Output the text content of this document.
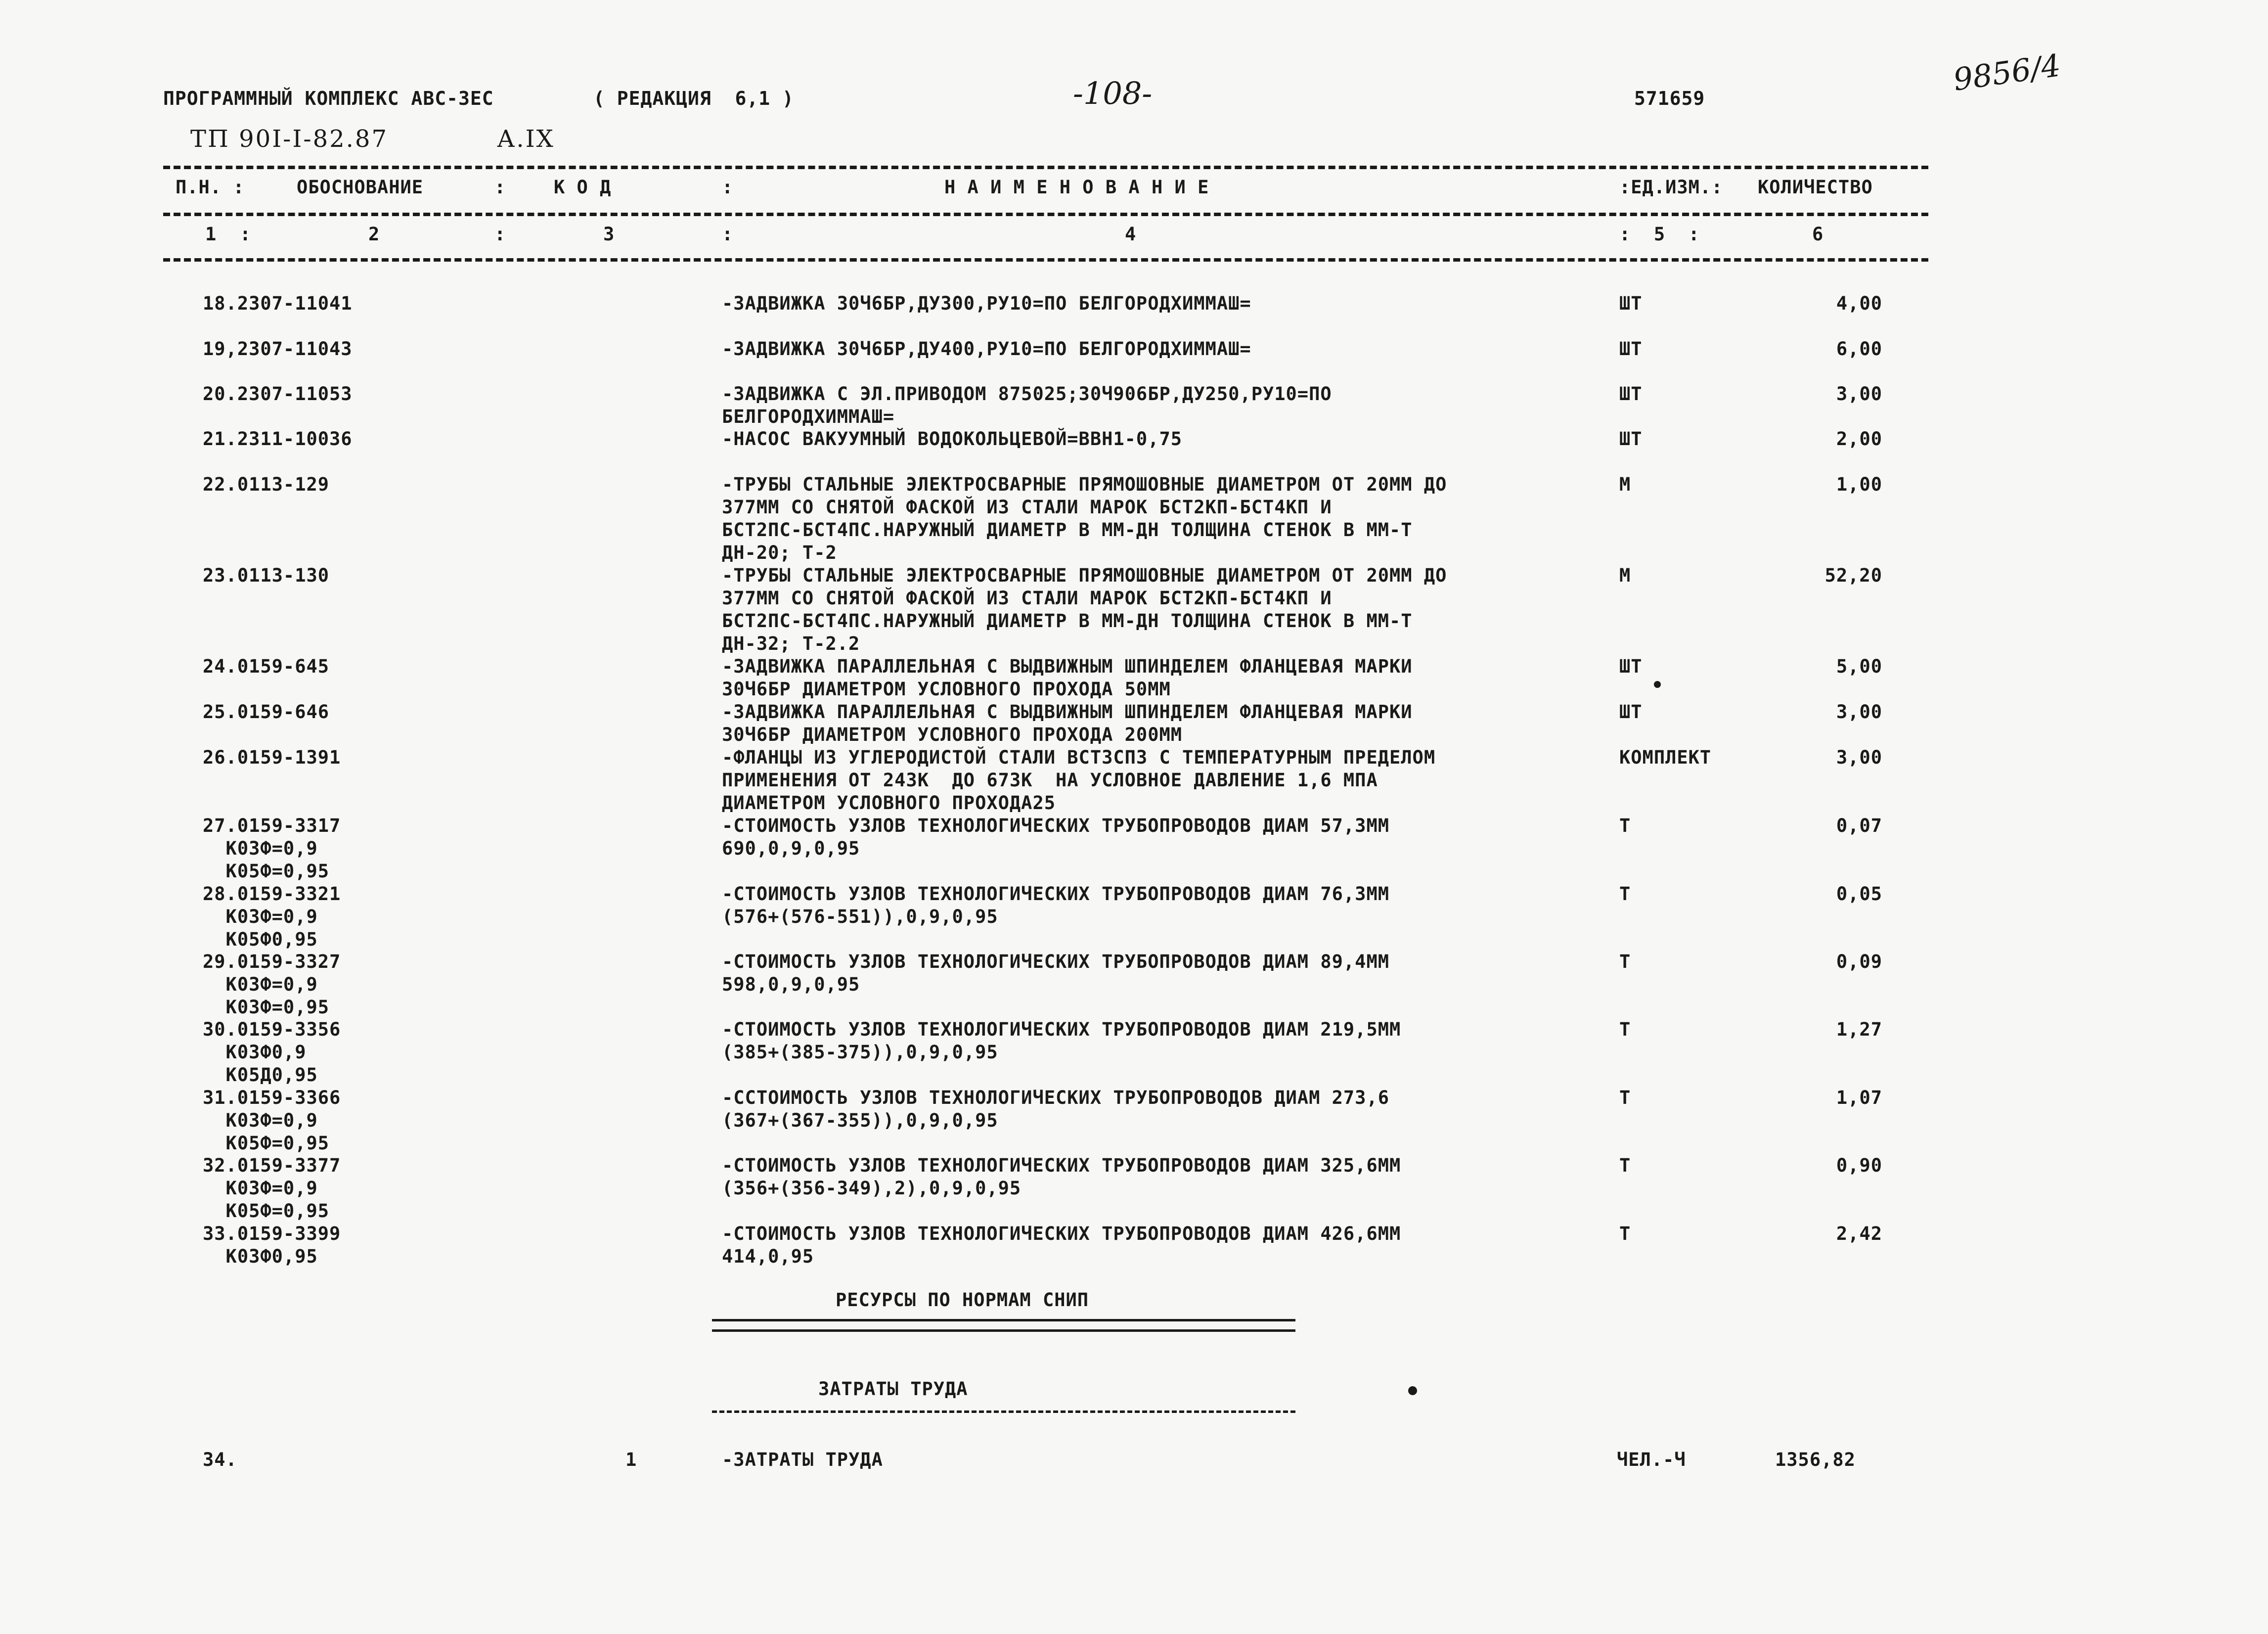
ПРОГРАММНЫЙ КОМПЛЕКС АВС-ЗЕС	( РЕДАКЦИЯ  6,1 )	-108-	571659
9856/4
ТП 90I-I-82.87	А.IX
П.Н. :	ОБОСНОВАНИЕ	:	К О Д	:	Н А И М Е Н О В А Н И Е	:ЕД.ИЗМ.: КОЛИЧЕСТВО
1  :	2	:	3	:	4	:  5  :	6
18.2307-11041	-ЗАДВИЖКА 30Ч6БР,ДУ300,РУ10=ПО БЕЛГОРОДХИММАШ=	ШТ	4,00
19,2307-11043	-ЗАДВИЖКА 30Ч6БР,ДУ400,РУ10=ПО БЕЛГОРОДХИММАШ=	ШТ	6,00
20.2307-11053	-ЗАДВИЖКА С ЭЛ.ПРИВОДОМ 875025;30Ч906БР,ДУ250,РУ10=ПО
БЕЛГОРОДХИММАШ=
ШТ	3,00
21.2311-10036	-НАСОС ВАКУУМНЫЙ ВОДОКОЛЬЦЕВОЙ=ВВН1-0,75	ШТ	2,00
22.0113-129	-ТРУБЫ СТАЛЬНЫЕ ЭЛЕКТРОСВАРНЫЕ ПРЯМОШОВНЫЕ ДИАМЕТРОМ ОТ 20ММ ДО
377ММ СО СНЯТОЙ ФАСКОЙ ИЗ СТАЛИ МАРОК БСТ2КП-БСТ4КП И
БСТ2ПС-БСТ4ПС.НАРУЖНЫЙ ДИАМЕТР В ММ-ДН ТОЛЩИНА СТЕНОК В ММ-Т
ДН-20; Т-2
М	1,00
23.0113-130	-ТРУБЫ СТАЛЬНЫЕ ЭЛЕКТРОСВАРНЫЕ ПРЯМОШОВНЫЕ ДИАМЕТРОМ ОТ 20ММ ДО
377ММ СО СНЯТОЙ ФАСКОЙ ИЗ СТАЛИ МАРОК БСТ2КП-БСТ4КП И
БСТ2ПС-БСТ4ПС.НАРУЖНЫЙ ДИАМЕТР В ММ-ДН ТОЛЩИНА СТЕНОК В ММ-Т
ДН-32; Т-2.2
М	52,20
24.0159-645	-ЗАДВИЖКА ПАРАЛЛЕЛЬНАЯ С ВЫДВИЖНЫМ ШПИНДЕЛЕМ ФЛАНЦЕВАЯ МАРКИ
30Ч6БР ДИАМЕТРОМ УСЛОВНОГО ПРОХОДА 50ММ
ШТ	5,00
25.0159-646	-ЗАДВИЖКА ПАРАЛЛЕЛЬНАЯ С ВЫДВИЖНЫМ ШПИНДЕЛЕМ ФЛАНЦЕВАЯ МАРКИ
30Ч6БР ДИАМЕТРОМ УСЛОВНОГО ПРОХОДА 200ММ
ШТ	3,00
26.0159-1391	-ФЛАНЦЫ ИЗ УГЛЕРОДИСТОЙ СТАЛИ ВСТ3СП3 С ТЕМПЕРАТУРНЫМ ПРЕДЕЛОМ
ПРИМЕНЕНИЯ ОТ 243К  ДО 673К  НА УСЛОВНОЕ ДАВЛЕНИЕ 1,6 МПА
ДИАМЕТРОМ УСЛОВНОГО ПРОХОДА25
КОМПЛЕКТ	3,00
27.0159-3317
К03Ф=0,9
К05Ф=0,95
-СТОИМОСТЬ УЗЛОВ ТЕХНОЛОГИЧЕСКИХ ТРУБОПРОВОДОВ ДИАМ 57,3ММ
690,0,9,0,95
Т	0,07
28.0159-3321
К03Ф=0,9
К05Ф0,95
-СТОИМОСТЬ УЗЛОВ ТЕХНОЛОГИЧЕСКИХ ТРУБОПРОВОДОВ ДИАМ 76,3ММ
(576+(576-551)),0,9,0,95
Т	0,05
29.0159-3327
К03Ф=0,9
К03Ф=0,95
-СТОИМОСТЬ УЗЛОВ ТЕХНОЛОГИЧЕСКИХ ТРУБОПРОВОДОВ ДИАМ 89,4ММ
598,0,9,0,95
Т	0,09
30.0159-3356
К03Ф0,9
К05Д0,95
-СТОИМОСТЬ УЗЛОВ ТЕХНОЛОГИЧЕСКИХ ТРУБОПРОВОДОВ ДИАМ 219,5ММ
(385+(385-375)),0,9,0,95
Т	1,27
31.0159-3366
К03Ф=0,9
К05Ф=0,95
-ССТОИМОСТЬ УЗЛОВ ТЕХНОЛОГИЧЕСКИХ ТРУБОПРОВОДОВ ДИАМ 273,6
(367+(367-355)),0,9,0,95
Т	1,07
32.0159-3377
К03Ф=0,9
К05Ф=0,95
-СТОИМОСТЬ УЗЛОВ ТЕХНОЛОГИЧЕСКИХ ТРУБОПРОВОДОВ ДИАМ 325,6ММ
(356+(356-349),2),0,9,0,95
Т	0,90
33.0159-3399
К03Ф0,95
-СТОИМОСТЬ УЗЛОВ ТЕХНОЛОГИЧЕСКИХ ТРУБОПРОВОДОВ ДИАМ 426,6ММ
414,0,95
Т	2,42
РЕСУРСЫ ПО НОРМАМ СНИП
ЗАТРАТЫ ТРУДА
34.	1	-ЗАТРАТЫ ТРУДА	ЧЕЛ.-Ч	1356,82
